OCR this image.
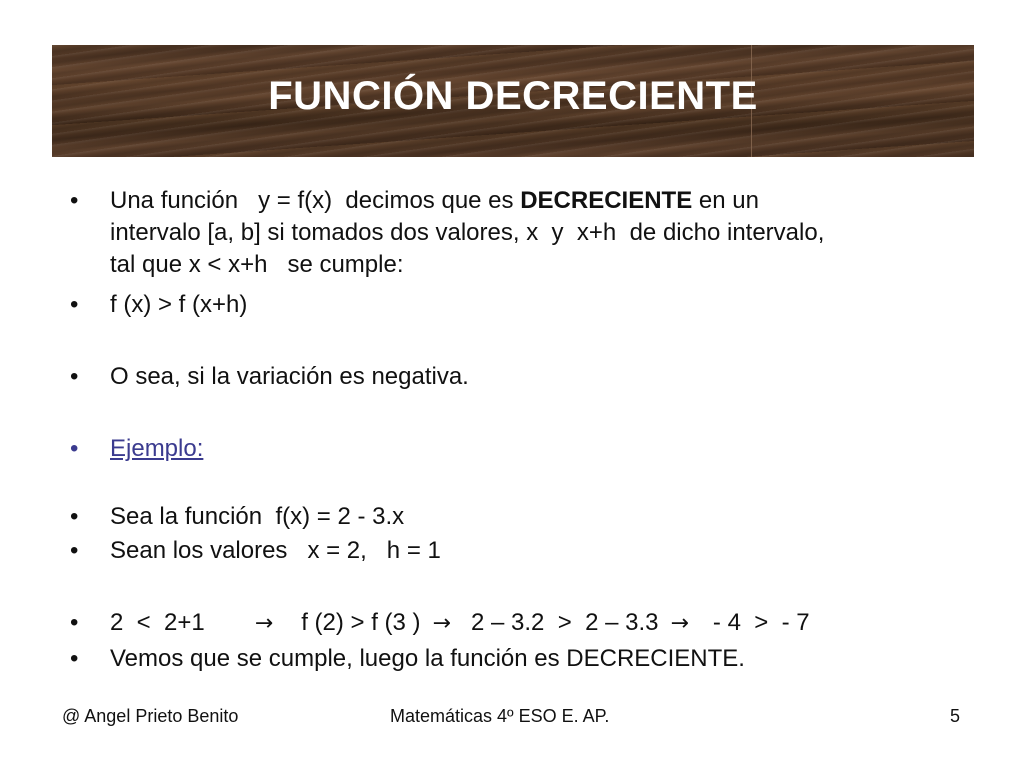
FUNCIÓN DECRECIENTE
•	Una función   y = f(x)  decimos que es DECRECIENTE en un
intervalo [a, b] si tomados dos valores, x  y  x+h  de dicho intervalo,
tal que x < x+h   se cumple:
•	f (x) > f (x+h)
•	O sea, si la variación es negativa.
•	Ejemplo:
•	Sea la función  f(x) = 2 - 3.x
•	Sean los valores   x = 2,   h = 1
•	2  <  2+1 → f (2) > f (3 ) → 2 – 3.2  >  2 – 3.3 → - 4  >  - 7
•	Vemos que se cumple, luego la función es DECRECIENTE.
@ Angel Prieto Benito	Matemáticas 4º ESO E. AP.	5
